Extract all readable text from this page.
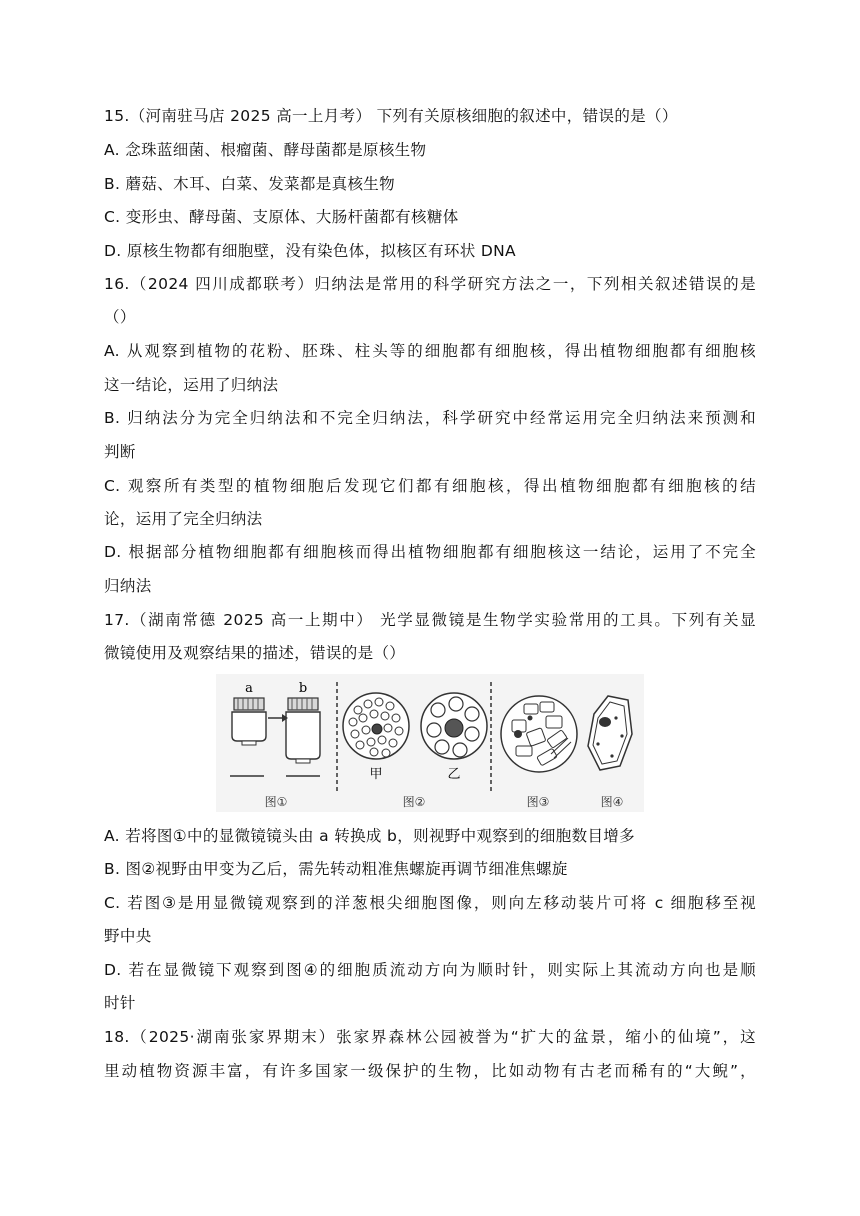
15.（河南驻马店 2025 高一上月考） 下列有关原核细胞的叙述中，错误的是（）
A. 念珠蓝细菌、根瘤菌、酵母菌都是原核生物
B. 蘑菇、木耳、白菜、发菜都是真核生物
C. 变形虫、酵母菌、支原体、大肠杆菌都有核糖体
D. 原核生物都有细胞壁，没有染色体，拟核区有环状 DNA
16.（2024 四川成都联考）归纳法是常用的科学研究方法之一，下列相关叙述错误的是
（）
A. 从观察到植物的花粉、胚珠、柱头等的细胞都有细胞核，得出植物细胞都有细胞核
这一结论，运用了归纳法
B. 归纳法分为完全归纳法和不完全归纳法，科学研究中经常运用完全归纳法来预测和
判断
C. 观察所有类型的植物细胞后发现它们都有细胞核，得出植物细胞都有细胞核的结
论，运用了完全归纳法
D. 根据部分植物细胞都有细胞核而得出植物细胞都有细胞核这一结论，运用了不完全
归纳法
17.（湖南常德 2025 高一上期中） 光学显微镜是生物学实验常用的工具。下列有关显
微镜使用及观察结果的描述，错误的是（）
a	b
甲	乙
图①	图②	图③	图④
A. 若将图①中的显微镜镜头由 a 转换成 b，则视野中观察到的细胞数目增多
B. 图②视野由甲变为乙后，需先转动粗准焦螺旋再调节细准焦螺旋
C. 若图③是用显微镜观察到的洋葱根尖细胞图像，则向左移动装片可将 c 细胞移至视
野中央
D. 若在显微镜下观察到图④的细胞质流动方向为顺时针，则实际上其流动方向也是顺
时针
18.（2025·湖南张家界期末）张家界森林公园被誉为“扩大的盆景，缩小的仙境”，这
里动植物资源丰富，有许多国家一级保护的生物，比如动物有古老而稀有的“大鲵”，
